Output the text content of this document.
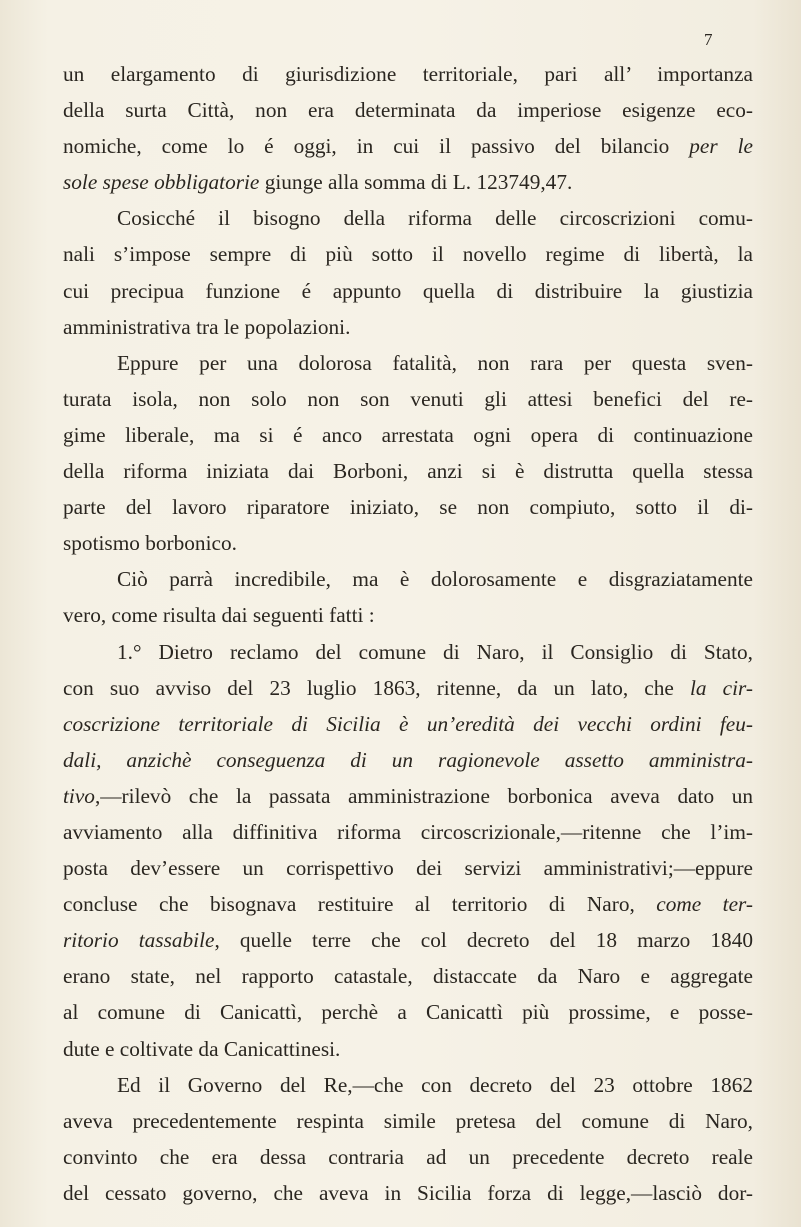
7
un elargamento di giurisdizione territoriale, pari all’ importanza
della surta Città, non era determinata da imperiose esigenze eco-
nomiche, come lo é oggi, in cui il passivo del bilancio per le
sole spese obbligatorie giunge alla somma di L. 123749,47.
Cosicché il bisogno della riforma delle circoscrizioni comu-
nali s’impose sempre di più sotto il novello regime di libertà, la
cui precipua funzione é appunto quella di distribuire la giustizia
amministrativa tra le popolazioni.
Eppure per una dolorosa fatalità, non rara per questa sven-
turata isola, non solo non son venuti gli attesi benefici del re-
gime liberale, ma si é anco arrestata ogni opera di continuazione
della riforma iniziata dai Borboni, anzi si è distrutta quella stessa
parte del lavoro riparatore iniziato, se non compiuto, sotto il di-
spotismo borbonico.
Ciò parrà incredibile, ma è dolorosamente e disgraziatamente
vero, come risulta dai seguenti fatti :
1.° Dietro reclamo del comune di Naro, il Consiglio di Stato,
con suo avviso del 23 luglio 1863, ritenne, da un lato, che la cir-
coscrizione territoriale di Sicilia è un’eredità dei vecchi ordini feu-
dali, anzichè conseguenza di un ragionevole assetto amministra-
tivo,—rilevò che la passata amministrazione borbonica aveva dato un
avviamento alla diffinitiva riforma circoscrizionale,—ritenne che l’im-
posta dev’essere un corrispettivo dei servizi amministrativi;—eppure
concluse che bisognava restituire al territorio di Naro, come ter-
ritorio tassabile, quelle terre che col decreto del 18 marzo 1840
erano state, nel rapporto catastale, distaccate da Naro e aggregate
al comune di Canicattì, perchè a Canicattì più prossime, e posse-
dute e coltivate da Canicattinesi.
Ed il Governo del Re,—che con decreto del 23 ottobre 1862
aveva precedentemente respinta simile pretesa del comune di Naro,
convinto che era dessa contraria ad un precedente decreto reale
del cessato governo, che aveva in Sicilia forza di legge,—lasciò dor-
